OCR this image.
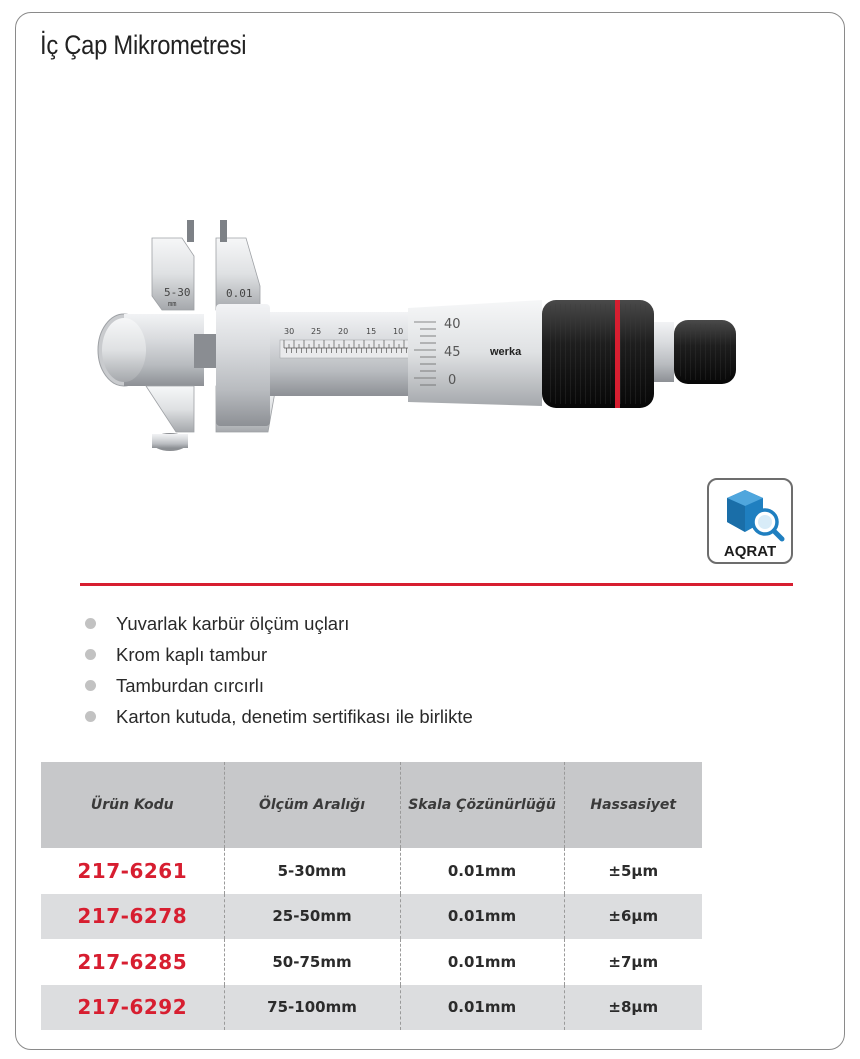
İç Çap Mikrometresi
5-30
mm
0.01
30 25 20 15 10	40
45
0
werka
AQRAT
Yuvarlak karbür ölçüm uçları
Krom kaplı tambur
Tamburdan cırcırlı
Karton kutuda, denetim sertifikası ile birlikte
Ürün Kodu	Ölçüm Aralığı	Skala Çözünürlüğü	Hassasiyet
217-6261	5-30mm	0.01mm	±5µm
217-6278	25-50mm	0.01mm	±6µm
217-6285	50-75mm	0.01mm	±7µm
217-6292	75-100mm	0.01mm	±8µm
